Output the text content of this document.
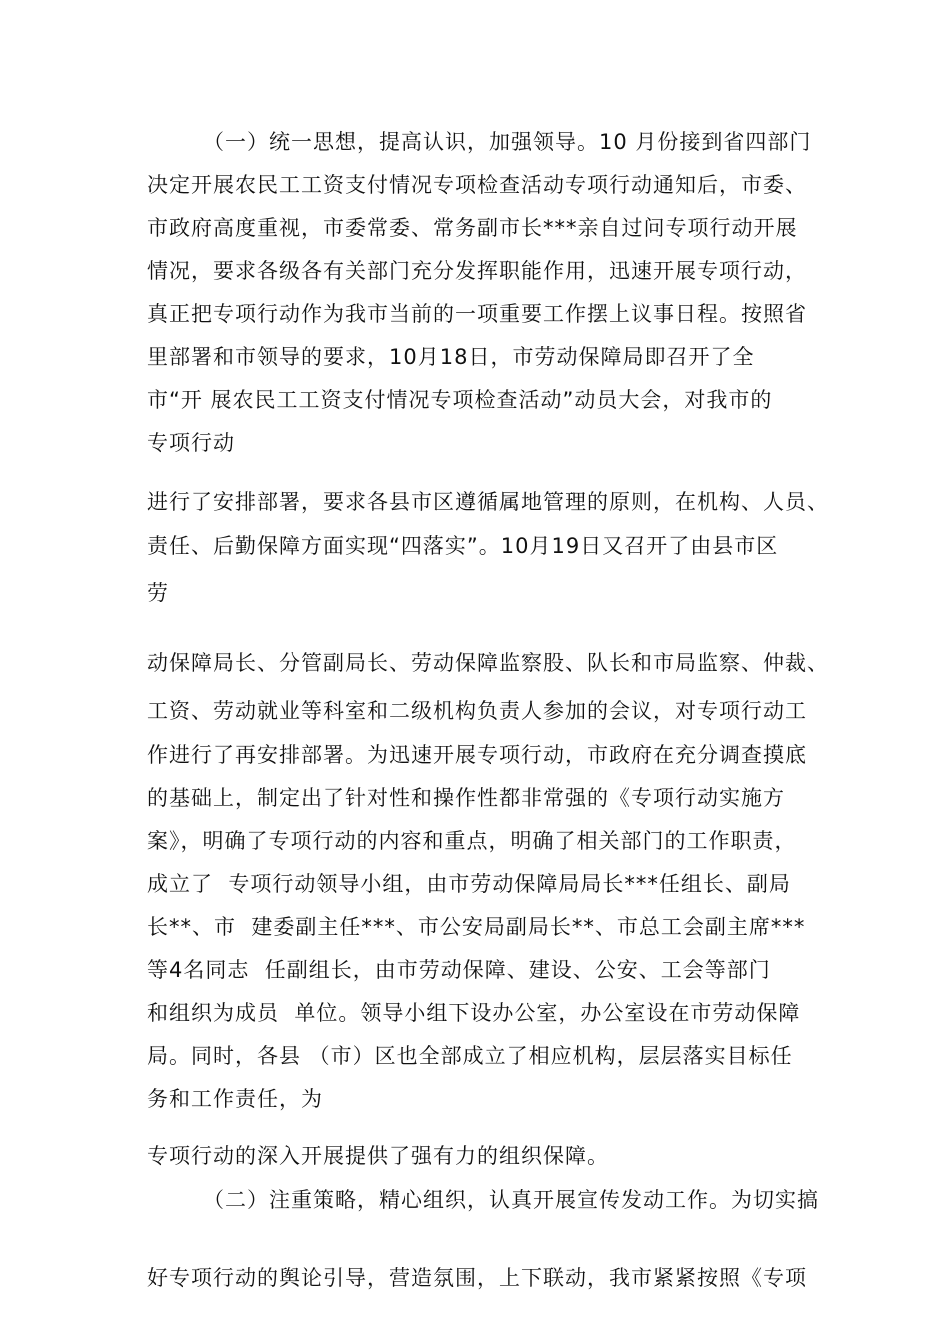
（一）统一思想，提高认识，加强领导。10 月份接到省四部门
决定开展农民工工资支付情况专项检查活动专项行动通知后，市委、
市政府高度重视，市委常委、常务副市长***亲自过问专项行动开展
情况，要求各级各有关部门充分发挥职能作用，迅速开展专项行动，
真正把专项行动作为我市当前的一项重要工作摆上议事日程。按照省
里部署和市领导的要求，10月18日，市劳动保障局即召开了全
市“开 展农民工工资支付情况专项检查活动”动员大会，对我市的
专项行动
进行了安排部署，要求各县市区遵循属地管理的原则，在机构、人员、
责任、后勤保障方面实现“四落实”。10月19日又召开了由县市区
劳
动保障局长、分管副局长、劳动保障监察股、队长和市局监察、仲裁、
工资、劳动就业等科室和二级机构负责人参加的会议，对专项行动工
作进行了再安排部署。为迅速开展专项行动，市政府在充分调查摸底
的基础上，制定出了针对性和操作性都非常强的《专项行动实施方
案》，明确了专项行动的内容和重点，明确了相关部门的工作职责，
成立了  专项行动领导小组，由市劳动保障局局长***任组长、副局
长**、市  建委副主任***、市公安局副局长**、市总工会副主席***
等4名同志  任副组长，由市劳动保障、建设、公安、工会等部门
和组织为成员  单位。领导小组下设办公室，办公室设在市劳动保障
局。同时，各县 （市）区也全部成立了相应机构，层层落实目标任
务和工作责任，为
专项行动的深入开展提供了强有力的组织保障。
（二）注重策略，精心组织，认真开展宣传发动工作。为切实搞
好专项行动的舆论引导，营造氛围，上下联动，我市紧紧按照《专项
